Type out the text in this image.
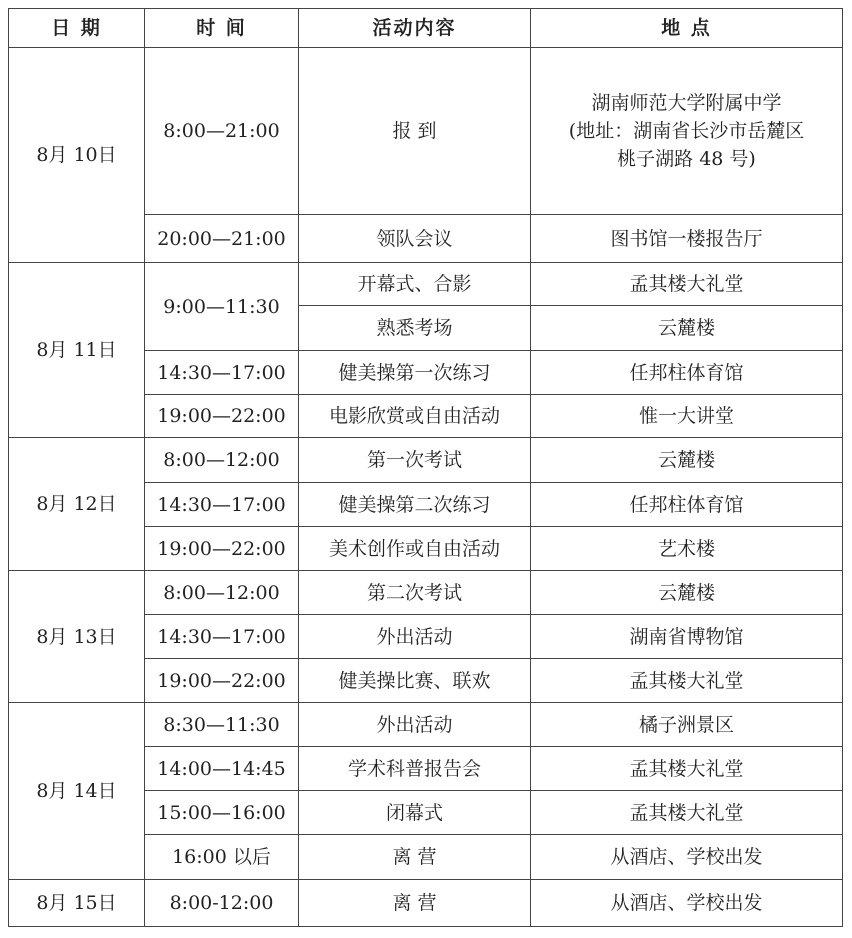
日 期	时 间	活动内容	地 点
8月 10日	8:00—21:00	报 到	湖南师范大学附属中学
(地址：湖南省长沙市岳麓区
桃子湖路 48 号)

	20:00—21:00	领队会议	图书馆一楼报告厅
8月 11日	9:00—11:30	开幕式、合影	孟其楼大礼堂
		熟悉考场	云麓楼
	14:30—17:00	健美操第一次练习	任邦柱体育馆
	19:00—22:00	电影欣赏或自由活动	惟一大讲堂
8月 12日	8:00—12:00	第一次考试	云麓楼
	14:30—17:00	健美操第二次练习	任邦柱体育馆
	19:00—22:00	美术创作或自由活动	艺术楼
8月 13日	8:00—12:00	第二次考试	云麓楼
	14:30—17:00	外出活动	湖南省博物馆
	19:00—22:00	健美操比赛、联欢	孟其楼大礼堂
8月 14日	8:30—11:30	外出活动	橘子洲景区
	14:00—14:45	学术科普报告会	孟其楼大礼堂
	15:00—16:00	闭幕式	孟其楼大礼堂
	16:00 以后	离 营	从酒店、学校出发
8月 15日	8:00-12:00	离 营	从酒店、学校出发
